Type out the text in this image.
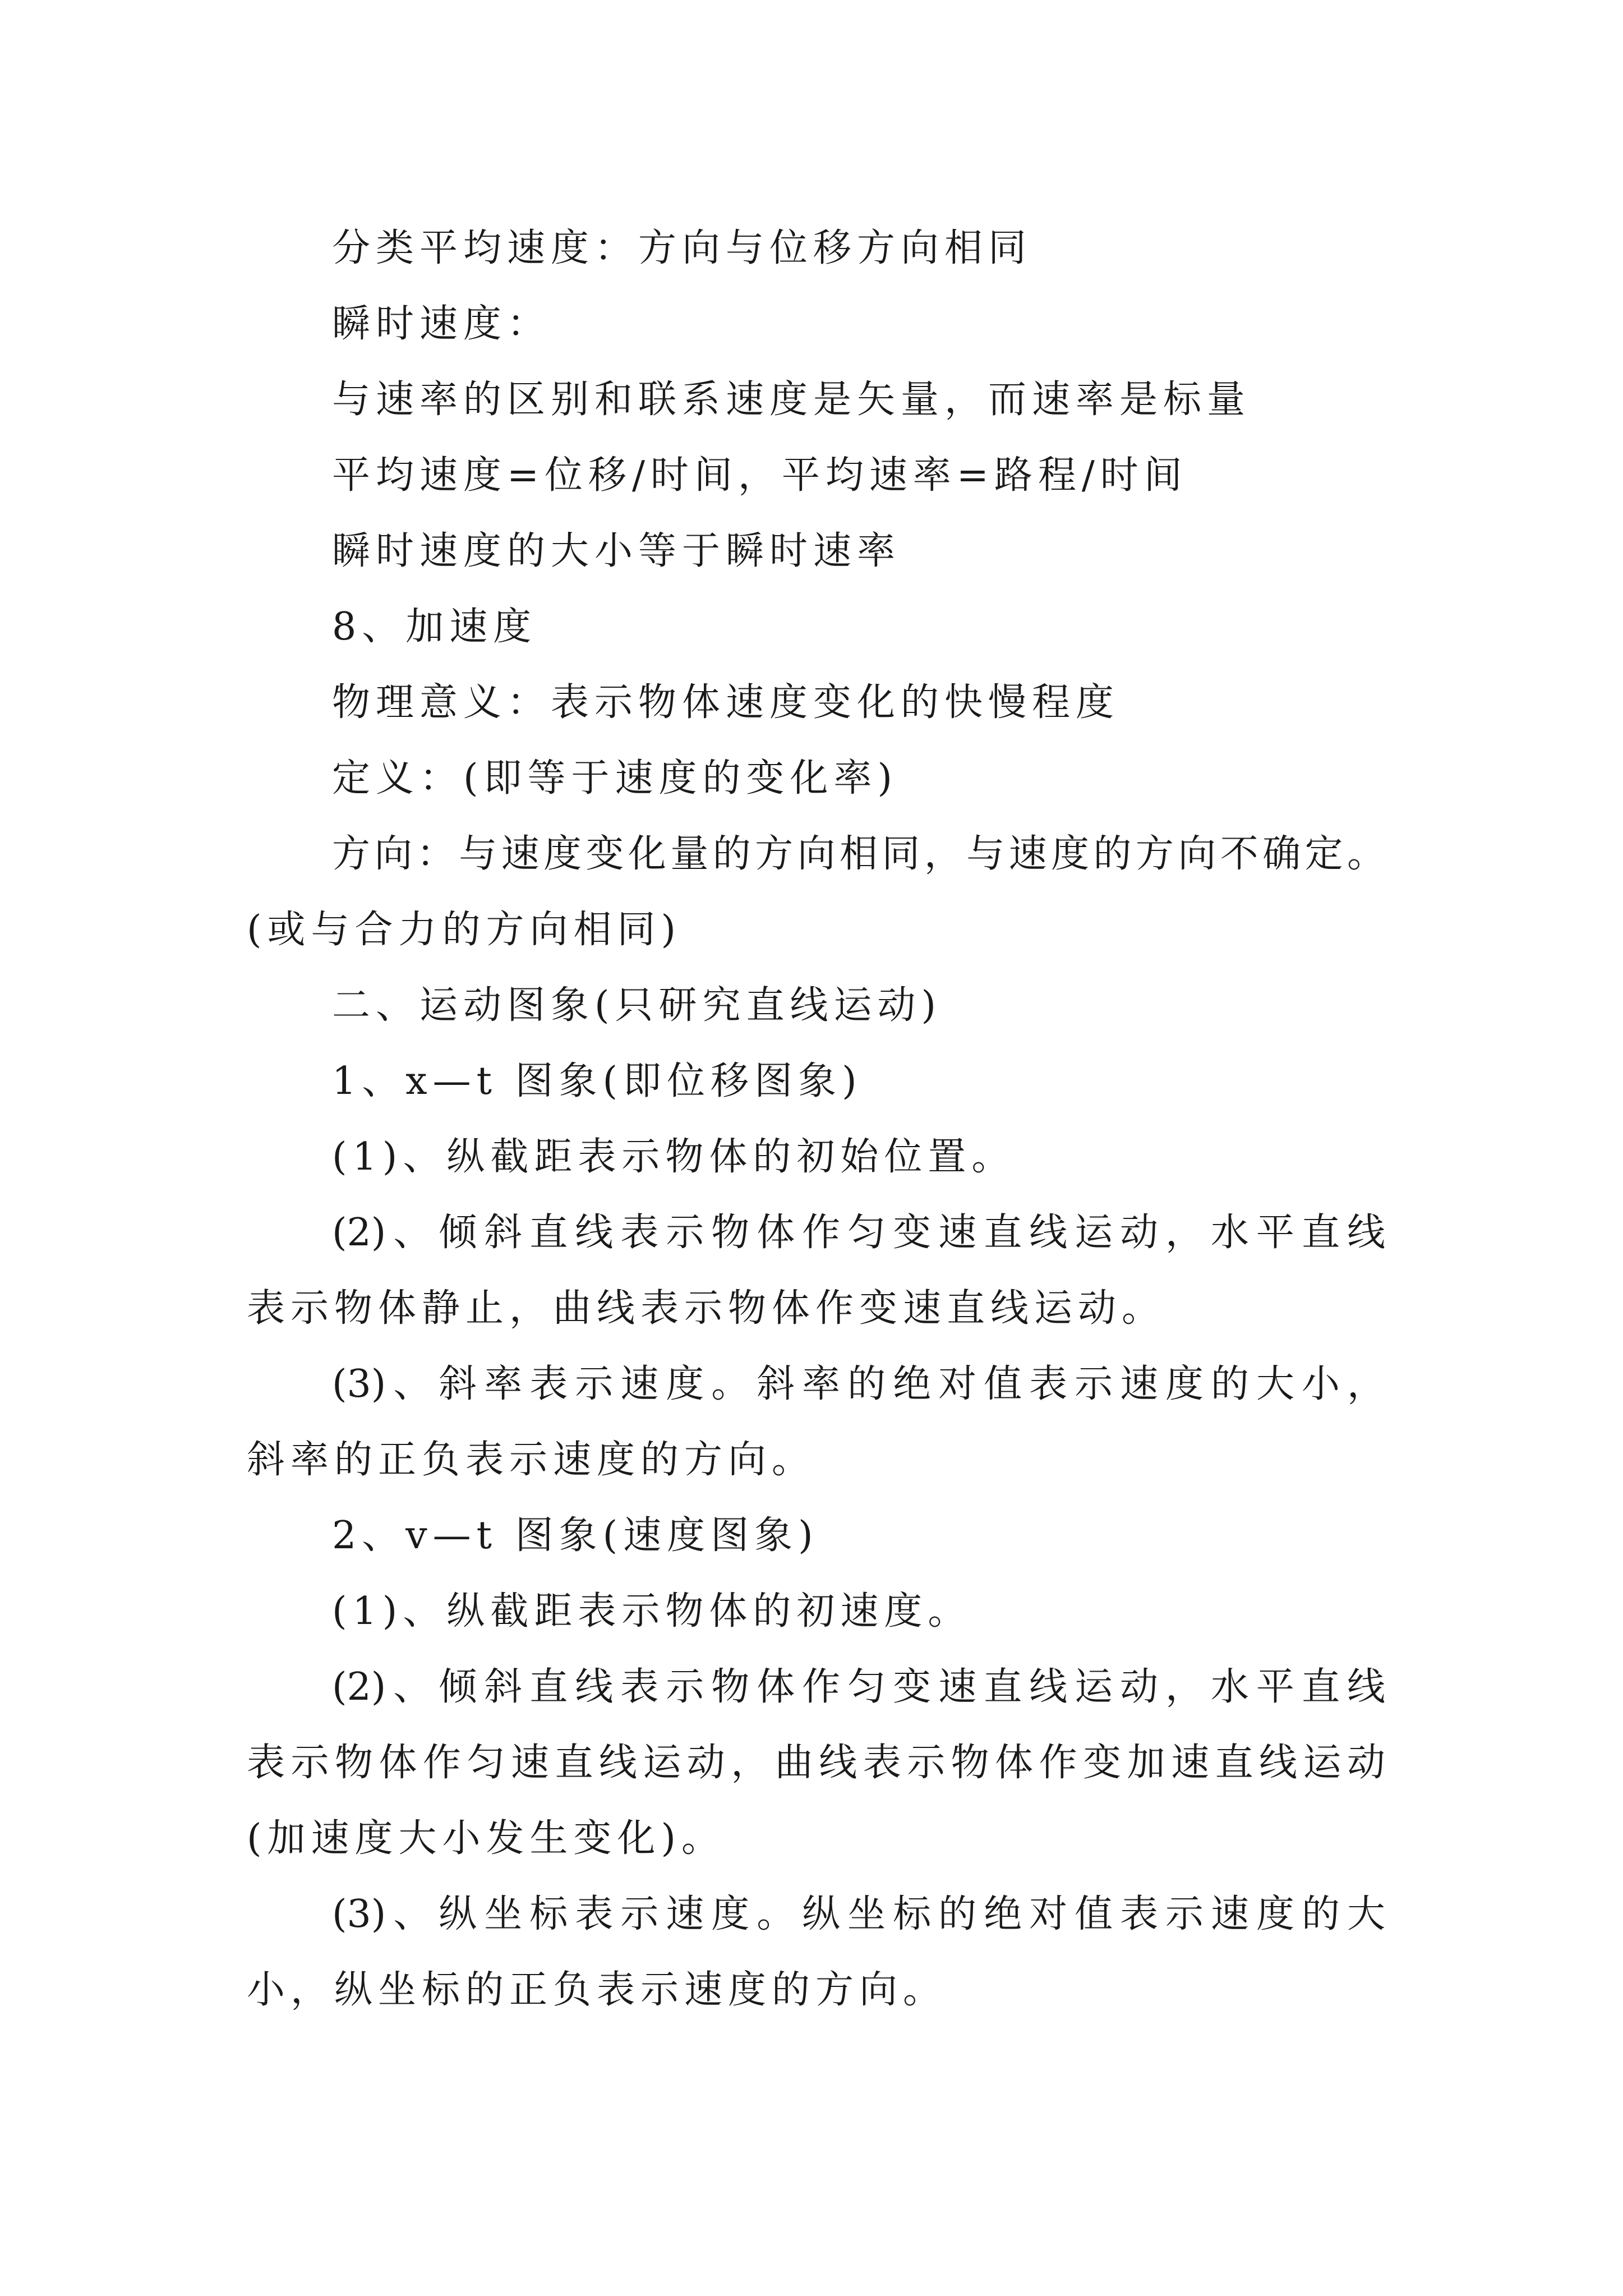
分类平均速度：方向与位移方向相同
瞬时速度：
与速率的区别和联系速度是矢量，而速率是标量
平均速度=位移/时间，平均速率=路程/时间
瞬时速度的大小等于瞬时速率
8、加速度
物理意义：表示物体速度变化的快慢程度
定义：(即等于速度的变化率)
方向：与速度变化量的方向相同，与速度的方向不确定。
(或与合力的方向相同)
二、运动图象(只研究直线运动)
1、x—t 图象(即位移图象)
(1)、纵截距表示物体的初始位置。
(2)、倾斜直线表示物体作匀变速直线运动，水平直线
表示物体静止，曲线表示物体作变速直线运动。
(3)、斜率表示速度。斜率的绝对值表示速度的大小，
斜率的正负表示速度的方向。
2、v—t 图象(速度图象)
(1)、纵截距表示物体的初速度。
(2)、倾斜直线表示物体作匀变速直线运动，水平直线
表示物体作匀速直线运动，曲线表示物体作变加速直线运动
(加速度大小发生变化)。
(3)、纵坐标表示速度。纵坐标的绝对值表示速度的大
小，纵坐标的正负表示速度的方向。
